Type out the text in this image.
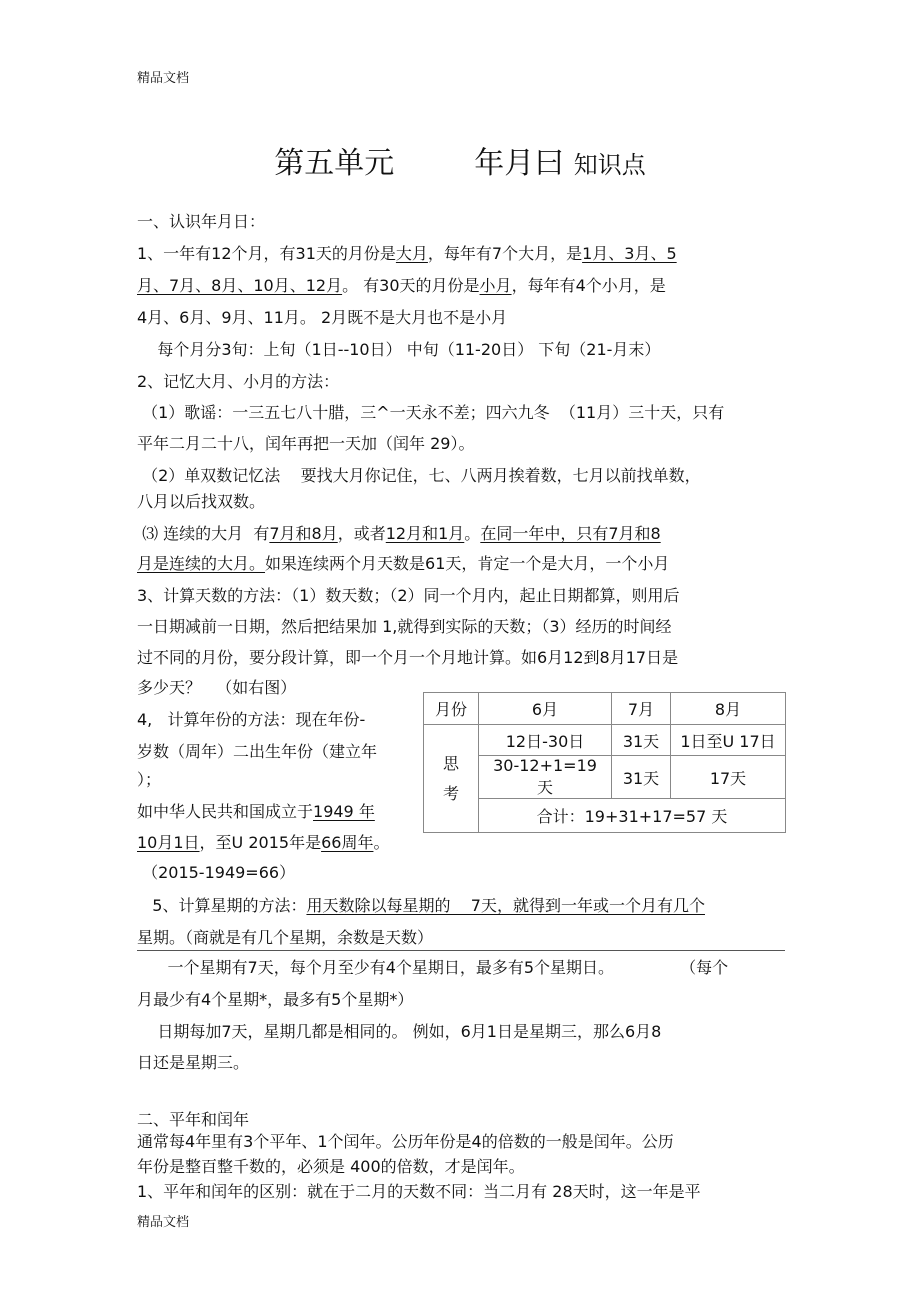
精品文档
第五单元	年月曰 知识点
一、认识年月日：
1、一年有12个月，有31天的月份是大月，每年有7个大月，是1月、3月、5
月、7月、8月、10月、12月。 有30天的月份是小月，每年有4个小月，是
4月、6月、9月、11月。 2月既不是大月也不是小月
每个月分3旬：上旬（1日--10日） 中旬（11-20日） 下旬（21-月末）
2、记忆大月、小月的方法：
（1）歌谣：一三五七八十腊，三^一天永不差；四六九冬  （11月）三十天，只有
平年二月二十八，闰年再把一天加（闰年 29）。
（2）单双数记忆法    要找大月你记住，七、八两月挨着数，七月以前找单数，
八月以后找双数。
⑶ 连续的大月  有7月和8月，或者12月和1月。在同一年中，只有7月和8
月是连续的大月。如果连续两个月天数是61天，肯定一个是大月，一个小月
3、计算天数的方法：（1）数天数；（2）同一个月内，起止日期都算，则用后
一日期减前一日期，然后把结果加 1,就得到实际的天数；（3）经历的时间经
过不同的月份，要分段计算，即一个月一个月地计算。如6月12到8月17日是
多少天？   （如右图）
4,   计算年份的方法：现在年份-
岁数（周年）二出生年份（建立年
）；
如中华人民共和国成立于1949 年
10月1日，至U 2015年是66周年。
（2015-1949=66）
5、计算星期的方法：用天数除以每星期的    7天，就得到一年或一个月有几个
星期。（商就是有几个星期，余数是天数）
一个星期有7天，每个月至少有4个星期日，最多有5个星期日。             （每个
月最少有4个星期*，最多有5个星期*）
日期每加7天，星期几都是相同的。 例如，6月1日是星期三，那么6月8
日还是星期三。
二、平年和闰年
通常每4年里有3个平年、1个闰年。公历年份是4的倍数的一般是闰年。公历
年份是整百整千数的，必须是 400的倍数，才是闰年。
1、平年和闰年的区别：就在于二月的天数不同：当二月有 28天时，这一年是平
月份	6月	7月	8月
思
考	12日-30日	31天	1日至U 17日
	30-12+1=19 天	31天	17天
	合计：19+31+17=57 天		
精品文档
